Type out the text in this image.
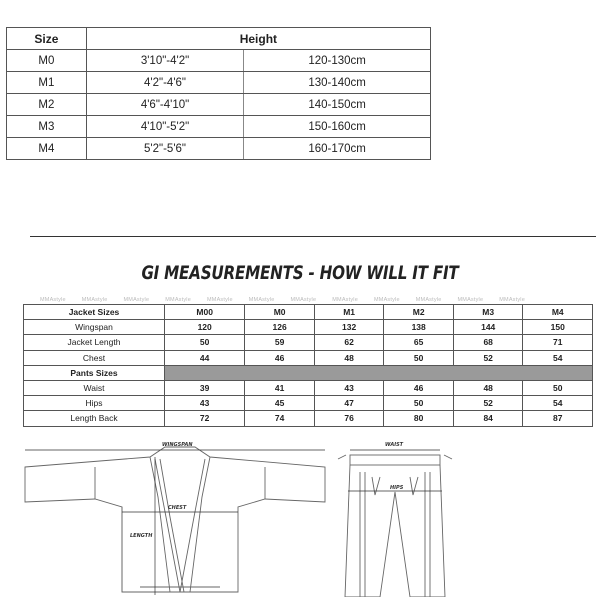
Size	Height	
M0	3'10"-4'2"	120-130cm
M1	4'2"-4'6"	130-140cm
M2	4'6"-4'10"	140-150cm
M3	4'10"-5'2"	150-160cm
M4	5'2"-5'6"	160-170cm
GI MEASUREMENTS - HOW WILL IT FIT
MMAstyle	MMAstyle	MMAstyle	MMAstyle	MMAstyle	MMAstyle	MMAstyle	MMAstyle	MMAstyle	MMAstyle	MMAstyle	MMAstyle
Jacket Sizes	M00	M0	M1	M2	M3	M4
Wingspan	120	126	132	138	144	150
Jacket Length	50	59	62	65	68	71
Chest	44	46	48	50	52	54
Pants Sizes						
Waist	39	41	43	46	48	50
Hips	43	45	47	50	52	54
Length Back	72	74	76	80	84	87
WINGSPAN
CHEST
LENGTH
WAIST
HIPS
